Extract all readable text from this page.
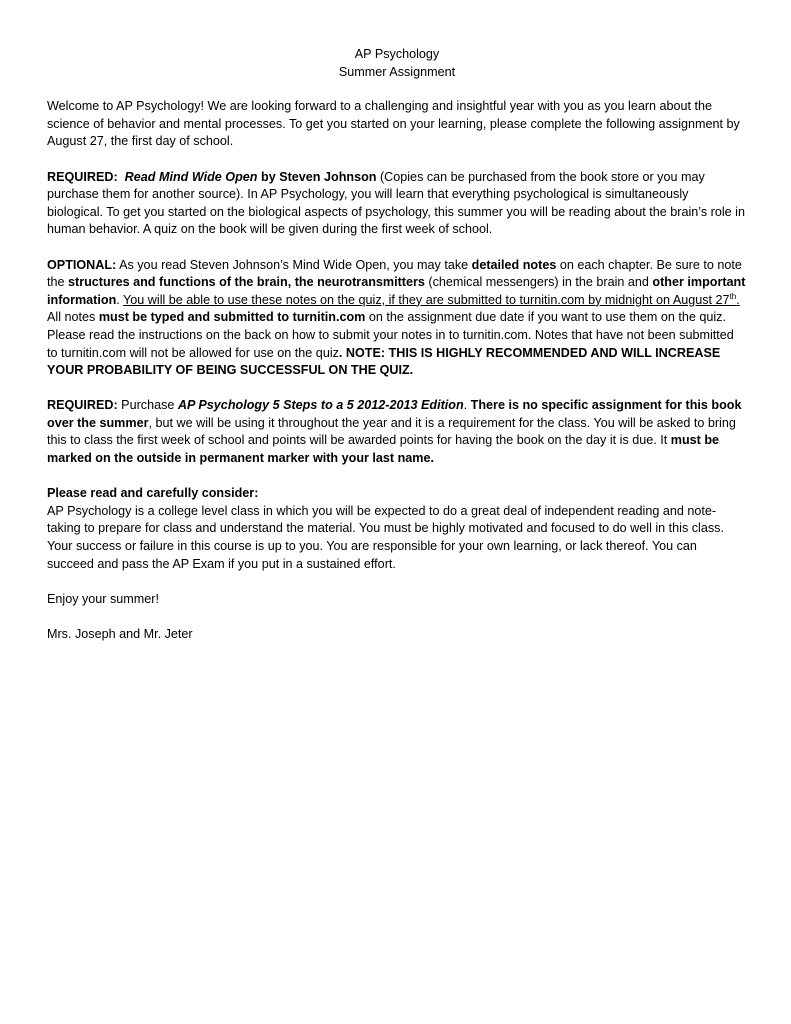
AP Psychology
Summer Assignment

Welcome to AP Psychology! We are looking forward to a challenging and insightful year with you as you learn about the science of behavior and mental processes. To get you started on your learning, please complete the following assignment by August 27, the first day of school.

REQUIRED: Read Mind Wide Open by Steven Johnson (Copies can be purchased from the book store or you may purchase them for another source). In AP Psychology, you will learn that everything psychological is simultaneously biological. To get you started on the biological aspects of psychology, this summer you will be reading about the brain’s role in human behavior. A quiz on the book will be given during the first week of school.

OPTIONAL: As you read Steven Johnson’s Mind Wide Open, you may take detailed notes on each chapter. Be sure to note the structures and functions of the brain, the neurotransmitters (chemical messengers) in the brain and other important information. You will be able to use these notes on the quiz, if they are submitted to turnitin.com by midnight on August 27th. All notes must be typed and submitted to turnitin.com on the assignment due date if you want to use them on the quiz. Please read the instructions on the back on how to submit your notes in to turnitin.com. Notes that have not been submitted to turnitin.com will not be allowed for use on the quiz. NOTE: THIS IS HIGHLY RECOMMENDED AND WILL INCREASE YOUR PROBABILITY OF BEING SUCCESSFUL ON THE QUIZ.

REQUIRED: Purchase AP Psychology 5 Steps to a 5 2012-2013 Edition. There is no specific assignment for this book over the summer, but we will be using it throughout the year and it is a requirement for the class. You will be asked to bring this to class the first week of school and points will be awarded points for having the book on the day it is due. It must be marked on the outside in permanent marker with your last name.

Please read and carefully consider:
AP Psychology is a college level class in which you will be expected to do a great deal of independent reading and note-taking to prepare for class and understand the material. You must be highly motivated and focused to do well in this class. Your success or failure in this course is up to you. You are responsible for your own learning, or lack thereof. You can succeed and pass the AP Exam if you put in a sustained effort.

Enjoy your summer!

Mrs. Joseph and Mr. Jeter
